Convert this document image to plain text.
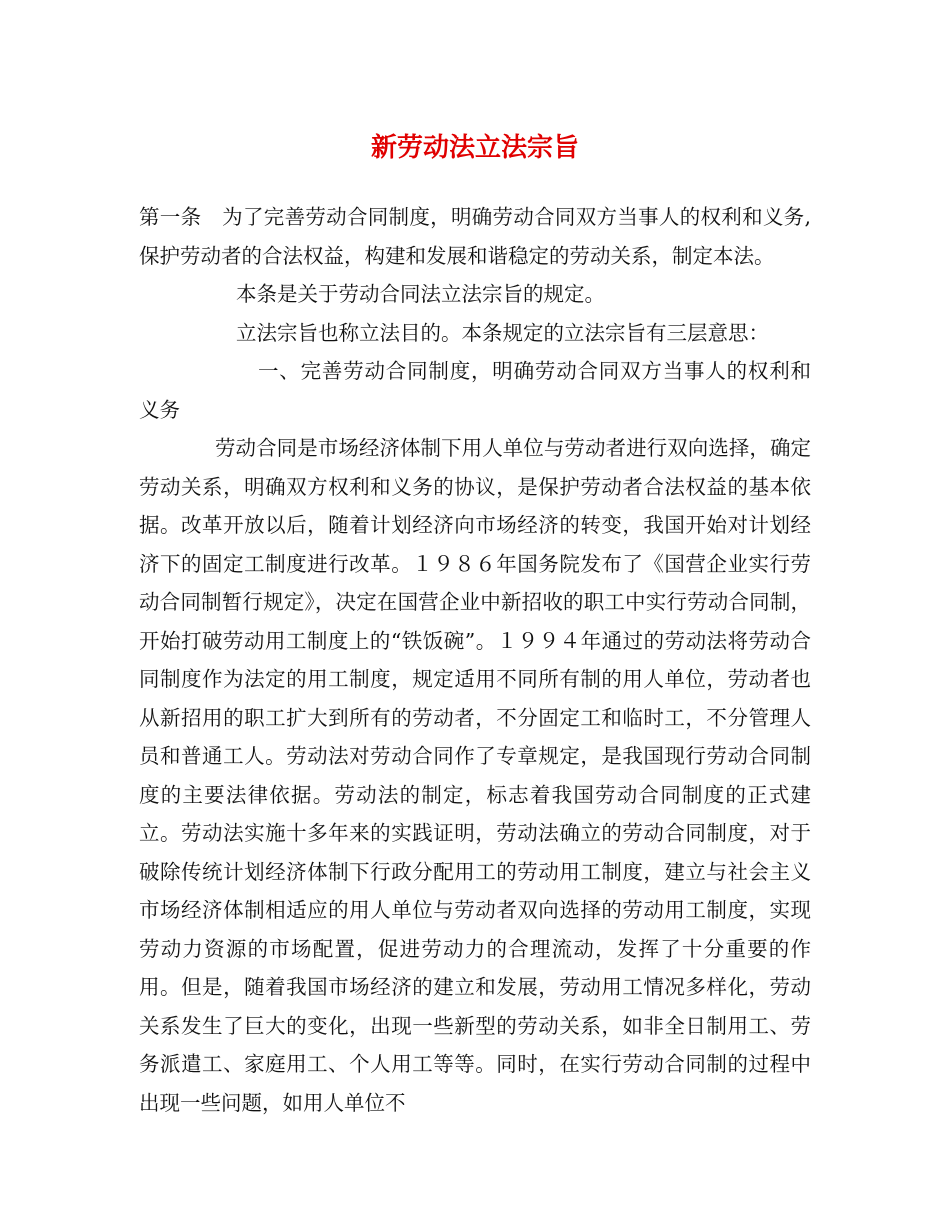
新劳动法立法宗旨

第一条　为了完善劳动合同制度，明确劳动合同双方当事人的权利和义务,保护劳动者的合法权益，构建和发展和谐稳定的劳动关系，制定本法。

本条是关于劳动合同法立法宗旨的规定。

立法宗旨也称立法目的。本条规定的立法宗旨有三层意思：

一、完善劳动合同制度，明确劳动合同双方当事人的权利和义务

劳动合同是市场经济体制下用人单位与劳动者进行双向选择，确定劳动关系，明确双方权利和义务的协议，是保护劳动者合法权益的基本依据。改革开放以后，随着计划经济向市场经济的转变，我国开始对计划经济下的固定工制度进行改革。１９８６年国务院发布了《国营企业实行劳动合同制暂行规定》，决定在国营企业中新招收的职工中实行劳动合同制，开始打破劳动用工制度上的“铁饭碗”。１９９４年通过的劳动法将劳动合同制度作为法定的用工制度，规定适用不同所有制的用人单位，劳动者也从新招用的职工扩大到所有的劳动者，不分固定工和临时工，不分管理人员和普通工人。劳动法对劳动合同作了专章规定，是我国现行劳动合同制度的主要法律依据。劳动法的制定，标志着我国劳动合同制度的正式建立。劳动法实施十多年来的实践证明，劳动法确立的劳动合同制度，对于破除传统计划经济体制下行政分配用工的劳动用工制度，建立与社会主义市场经济体制相适应的用人单位与劳动者双向选择的劳动用工制度，实现劳动力资源的市场配置，促进劳动力的合理流动，发挥了十分重要的作用。但是，随着我国市场经济的建立和发展，劳动用工情况多样化，劳动关系发生了巨大的变化，出现一些新型的劳动关系，如非全日制用工、劳务派遣工、家庭用工、个人用工等等。同时，在实行劳动合同制的过程中出现一些问题，如用人单位不
